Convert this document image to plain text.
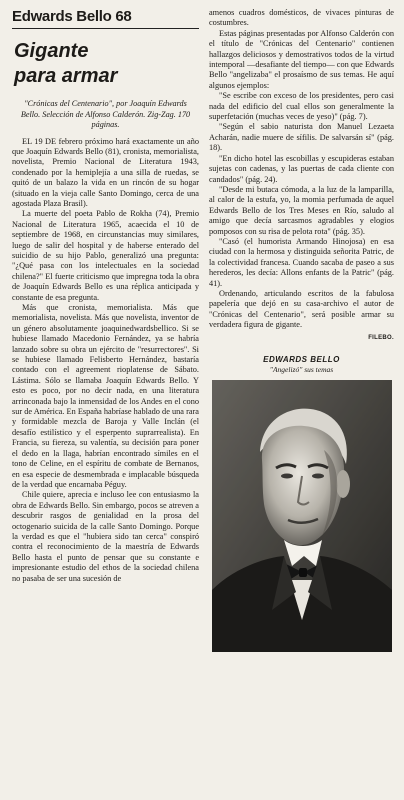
Edwards Bello 68
Gigante
para armar
"Crónicas del Centenario", por Joaquín Edwards Bello. Selección de Alfonso Calderón. Zig-Zag. 170 páginas.

EL 19 DE febrero próximo hará exactamente un año que Joaquín Edwards Bello (81), cronista, memorialista, novelista, Premio Nacional de Literatura 1943, condenado por la hemiplejía a una silla de ruedas, se quitó de un balazo la vida en un rincón de su hogar (situado en la vieja calle Santo Domingo, cerca de una agostada Plaza Brasil).

La muerte del poeta Pablo de Rokha (74), Premio Nacional de Literatura 1965, acaecida el 10 de septiembre de 1968, en circunstancias muy similares, luego de salir del hospital y de haberse enterado del suicidio de su hijo Pablo, generalizó una pregunta: "¿Qué pasa con los intelectuales en la sociedad chilena?" El fuerte criticismo que impregna toda la obra de Joaquín Edwards Bello es una réplica anticipada y constante de esa pregunta.

Más que cronista, memorialista. Más que memorialista, novelista. Más que novelista, inventor de un género absolutamente joaquinedwardsbellico. Si se hubiese llamado Macedonio Fernández, ya se habría lanzado sobre su obra un ejército de "resurrectores". Si se hubiese llamado Felisberto Hernández, bastaría contado con el agreement rioplatense de Sábato. Lástima. Sólo se llamaba Joaquín Edwards Bello. Y esto es poco, por no decir nada, en una literatura arrinconada bajo la inmensidad de los Andes en el cono sur de América. En España habríase hablado de una rara y formidable mezcla de Baroja y Valle Inclán (el desafío estilístico y el esperpento suprarrealista). En Francia, su fiereza, su valentía, su decisión para poner el dedo en la llaga, habrían encontrado símiles en el tono de Celine, en el espíritu de combate de Bernanos, en esa especie de desmembrada e implacable búsqueda de la verdad que encarnaba Péguy.

Chile quiere, aprecia e incluso lee con entusiasmo la obra de Edwards Bello. Sin embargo, pocos se atreven a descubrir rasgos de genialidad en la prosa del octogenario suicida de la calle Santo Domingo. Porque la verdad es que el "hubiera sido tan cerca" conspiró contra el reconocimiento de la maestría de Edwards Bello hasta el punto de pensar que su constante e impresionante estudio del ethos de la sociedad chilena no pasaba de ser una sucesión de

amenos cuadros domésticos, de vivaces pinturas de costumbres.

Estas páginas presentadas por Alfonso Calderón con el título de "Crónicas del Centenario" contienen hallazgos deliciosos y demostrativos todos de la virtud intemporal —desafiante del tiempo— con que Edwards Bello "angelizaba" el prosaísmo de sus temas. He aquí algunos ejemplos:

"Se escribe con exceso de los presidentes, pero casi nada del edificio del cual ellos son generalmente la superfetación (muchas veces de yeso)" (pág. 7).

"Según el sabio naturista don Manuel Lezaeta Acharán, nadie muere de sífilis. De salvarsán sí" (pág. 18).

"En dicho hotel las escobillas y escupideras estaban sujetas con cadenas, y las puertas de cada cliente con candados" (pág. 24).

"Desde mi butaca cómoda, a la luz de la lamparilla, al calor de la estufa, yo, la momia perfumada de aquel Edwards Bello de los Tres Meses en Río, saludo al amigo que decía sarcasmos agradables y elogios pomposos con su risa de pelota rota" (pág. 35).

"Casó (el humorista Armando Hinojosa) en esa ciudad con la hermosa y distinguida señorita Patric, de la colectividad francesa. Cuando sacaba de paseo a sus herederos, les decía: Allons enfants de la Patric" (pág. 41).

Ordenando, articulando escritos de la fabulosa papelería que dejó en su casa-archivo el autor de "Crónicas del Centenario", será posible armar su verdadera figura de gigante.

FILEBO.
EDWARDS BELLO
"Angelizó" sus temas
